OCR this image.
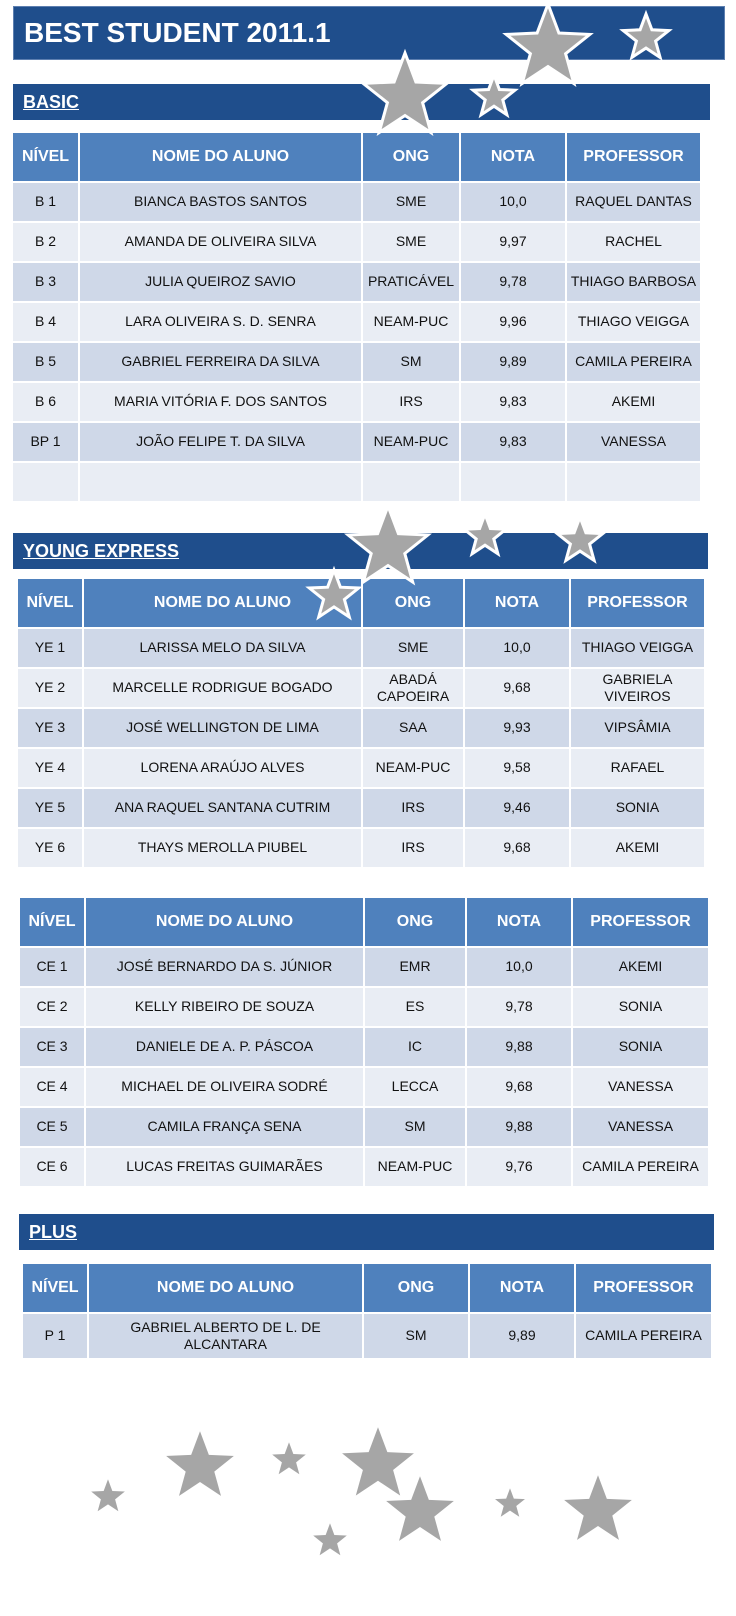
BEST STUDENT 2011.1
BASIC
YOUNG EXPRESS
PLUS
NÍVEL	NOME DO ALUNO	ONG	NOTA	PROFESSOR
B 1	BIANCA BASTOS SANTOS	SME	10,0	RAQUEL DANTAS
B 2	AMANDA DE OLIVEIRA SILVA	SME	9,97	RACHEL
B 3	JULIA QUEIROZ SAVIO	PRATICÁVEL	9,78	THIAGO BARBOSA
B 4	LARA OLIVEIRA S. D. SENRA	NEAM-PUC	9,96	THIAGO VEIGGA
B 5	GABRIEL FERREIRA DA SILVA	SM	9,89	CAMILA PEREIRA
B 6	MARIA VITÓRIA F. DOS SANTOS	IRS	9,83	AKEMI
BP 1	JOÃO FELIPE T. DA SILVA	NEAM-PUC	9,83	VANESSA

NÍVEL	NOME DO ALUNO	ONG	NOTA	PROFESSOR
YE 1	LARISSA MELO DA SILVA	SME	10,0	THIAGO VEIGGA
YE 2	MARCELLE RODRIGUE BOGADO	ABADÁ CAPOEIRA	9,68	GABRIELA VIVEIROS
YE 3	JOSÉ WELLINGTON DE LIMA	SAA	9,93	VIPSÂMIA
YE 4	LORENA ARAÚJO ALVES	NEAM-PUC	9,58	RAFAEL
YE 5	ANA RAQUEL SANTANA CUTRIM	IRS	9,46	SONIA
YE 6	THAYS MEROLLA PIUBEL	IRS	9,68	AKEMI
NÍVEL	NOME DO ALUNO	ONG	NOTA	PROFESSOR
CE 1	JOSÉ BERNARDO DA S. JÚNIOR	EMR	10,0	AKEMI
CE 2	KELLY RIBEIRO DE SOUZA	ES	9,78	SONIA
CE 3	DANIELE DE A. P. PÁSCOA	IC	9,88	SONIA
CE 4	MICHAEL DE OLIVEIRA SODRÉ	LECCA	9,68	VANESSA
CE 5	CAMILA FRANÇA SENA	SM	9,88	VANESSA
CE 6	LUCAS FREITAS GUIMARÃES	NEAM-PUC	9,76	CAMILA PEREIRA
NÍVEL	NOME DO ALUNO	ONG	NOTA	PROFESSOR
P 1	GABRIEL ALBERTO DE L. DE ALCANTARA	SM	9,89	CAMILA PEREIRA
